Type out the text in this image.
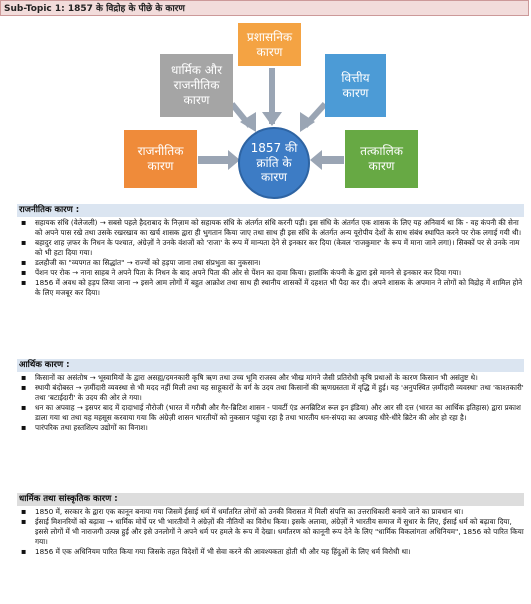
Sub-Topic 1: 1857 के विद्रोह के पीछे के कारण
धार्मिक और
राजनीतिक
कारण
प्रशासनिक
कारण
वित्तीय
कारण
राजनीतिक
कारण
तत्कालिक
कारण
1857 की
क्रांति के
कारण
राजनीतिक कारण :
▪ सहायक संधि (वेलेजली) → सबसे पहले हैदराबाद के निज़ाम को सहायक संधि के अंतर्गत संधि करनी पड़ी। इस संधि के अंतर्गत एक शासक के लिए यह अनिवार्य था कि - वह कंपनी की सेना को अपने पास रखे तथा उसके रखरखाव का खर्च शासक द्वारा ही भुगतान किया जाए तथा साथ ही इस संधि के अंतर्गत अन्य यूरोपीय देशों के साथ संबंध स्थापित करने पर रोक लगाई गयी थी।
▪ बहादुर शाह ज़फर के निधन के पश्चात, अंग्रेज़ों ने उनके वंशजों को 'राजा' के रूप में मान्यता देने से इनकार कर दिया (केवल 'राजकुमार' के रूप में माना जाने लगा)। सिक्कों पर से उनके नाम को भी हटा दिया गया।
▪ डलहौजी का "व्यपगत का सिद्धांत" → राज्यों को हड़पा जाना तथा संप्रभुता का नुकसान।
▪ पेंशन पर रोक → नाना साहब ने अपने पिता के निधन के बाद अपने पिता की ओर से पेंशन का दावा किया। हालांकि कंपनी के द्वारा इसे मानने से इनकार कर दिया गया।
▪ 1856 में अवध को हड़प लिया जाना → इसने आम लोगों में बहुत आक्रोश तथा साथ ही स्थानीय शासकों में दहशत भी पैदा कर दी। अपने शासक के अपमान ने लोगों को विद्रोह में शामिल होने के लिए मजबूर कर दिया।
आर्थिक कारण :
▪ किसानों का असंतोष → भूस्वामियों के द्वारा असह्य/दमनकारी कृषि ऋण तथा उच्च भूमि राजस्व और भीख मांगने जैसी प्रतिरोधी कृषि प्रथाओं के कारण किसान भी असंतुष्ट थे।
▪ स्थायी बंदोबस्त → ज़मींदारी व्यवस्था से भी मदद नहीं मिली तथा यह साहूकारों के वर्ग के उदय तथा किसानों की ऋणग्रस्तता में वृद्धि में हुई। यह 'अनुपस्थित ज़मींदारी व्यवस्था' तथा 'काश्तकारी' तथा 'बटाईदारी' के उदय की ओर ले गया।
▪ धन का अपवाह → इसपर बाद में दादाभाई नौरोजी (भारत में गरीबी और गैर-ब्रिटिश शासन - पावर्टी एंड अनब्रिटिश रूल इन इंडिया) और आर सी दत्त (भारत का आर्थिक इतिहास) द्वारा प्रकाश डाला गया था तथा यह महसूस करवाया गया कि अंग्रेज़ी शासन भारतीयों को नुकसान पहुंचा रहा है तथा भारतीय धन-संपदा का अपवाह धीरे-धीरे ब्रिटेन की ओर हो रहा है।
▪ पारंपरिक तथा हस्तशिल्प उद्योगों का विनाश।
धार्मिक तथा सांस्कृतिक कारण :
▪ 1850 में, सरकार के द्वारा एक कानून बनाया गया जिसमें ईसाई धर्म में धर्मांतरित लोगों को उनकी विरासत में मिली संपत्ति का उत्तराधिकारी बनाये जाने का प्रावधान था।
▪ ईसाई मिशनरियों को बढ़ावा → धार्मिक मोर्चे पर भी भारतीयों ने अंग्रेज़ों की नीतियों का विरोध किया। इसके अलावा, अंग्रेज़ों ने भारतीय समाज में सुधार के लिए, ईसाई धर्म को बढ़ावा दिया, इससे लोगों में भी नाराजगी उत्पन्न हुई और इसे उनलोगों ने अपने धर्म पर हमले के रूप में देखा। धर्मांतरण को कानूनी रूप देने के लिए "धार्मिक विकलांगता अधिनियम", 1856 को पारित किया गया।
▪ 1856 में एक अधिनियम पारित किया गया जिसके तहत विदेशों में भी सेवा करने की आवश्यकता होती थी और यह हिंदुओं के लिए धर्म विरोधी था।
